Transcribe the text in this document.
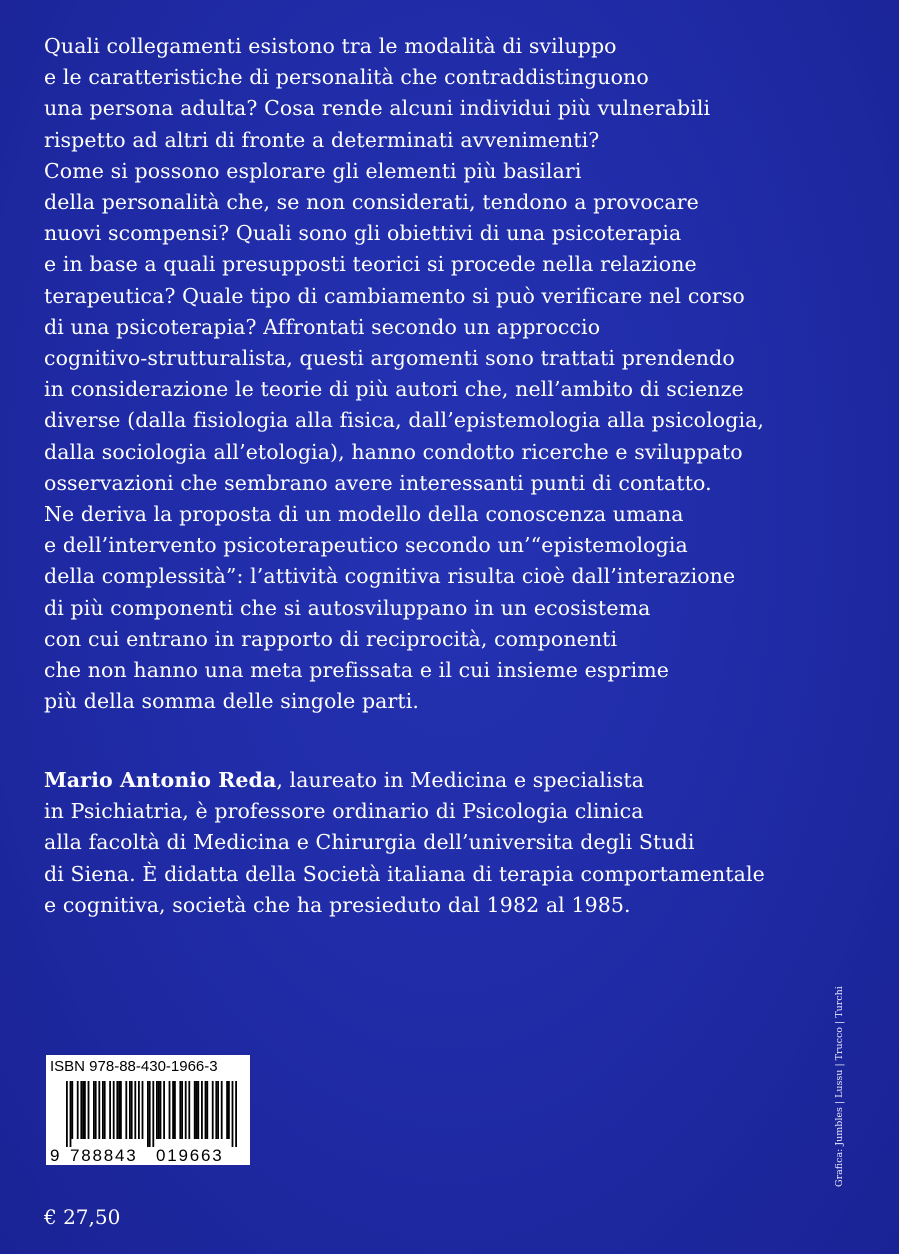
Quali collegamenti esistono tra le modalità di sviluppo
e le caratteristiche di personalità che contraddistinguono
una persona adulta? Cosa rende alcuni individui più vulnerabili
rispetto ad altri di fronte a determinati avvenimenti?
Come si possono esplorare gli elementi più basilari
della personalità che, se non considerati, tendono a provocare
nuovi scompensi? Quali sono gli obiettivi di una psicoterapia
e in base a quali presupposti teorici si procede nella relazione
terapeutica? Quale tipo di cambiamento si può verificare nel corso
di una psicoterapia? Affrontati secondo un approccio
cognitivo-strutturalista, questi argomenti sono trattati prendendo
in considerazione le teorie di più autori che, nell’ambito di scienze
diverse (dalla fisiologia alla fisica, dall’epistemologia alla psicologia,
dalla sociologia all’etologia), hanno condotto ricerche e sviluppato
osservazioni che sembrano avere interessanti punti di contatto.
Ne deriva la proposta di un modello della conoscenza umana
e dell’intervento psicoterapeutico secondo un’“epistemologia
della complessità”: l’attività cognitiva risulta cioè dall’interazione
di più componenti che si autosviluppano in un ecosistema
con cui entrano in rapporto di reciprocità, componenti
che non hanno una meta prefissata e il cui insieme esprime
più della somma delle singole parti.
Mario Antonio Reda, laureato in Medicina e specialista
in Psichiatria, è professore ordinario di Psicologia clinica
alla facoltà di Medicina e Chirurgia dell’universita degli Studi
di Siena. È didatta della Società italiana di terapia comportamentale
e cognitiva, società che ha presieduto dal 1982 al 1985.
ISBN 978-88-430-1966-3
9 788843 019663
€ 27,50
Grafica: Jumbles | Lussu | Trucco | Turchi
